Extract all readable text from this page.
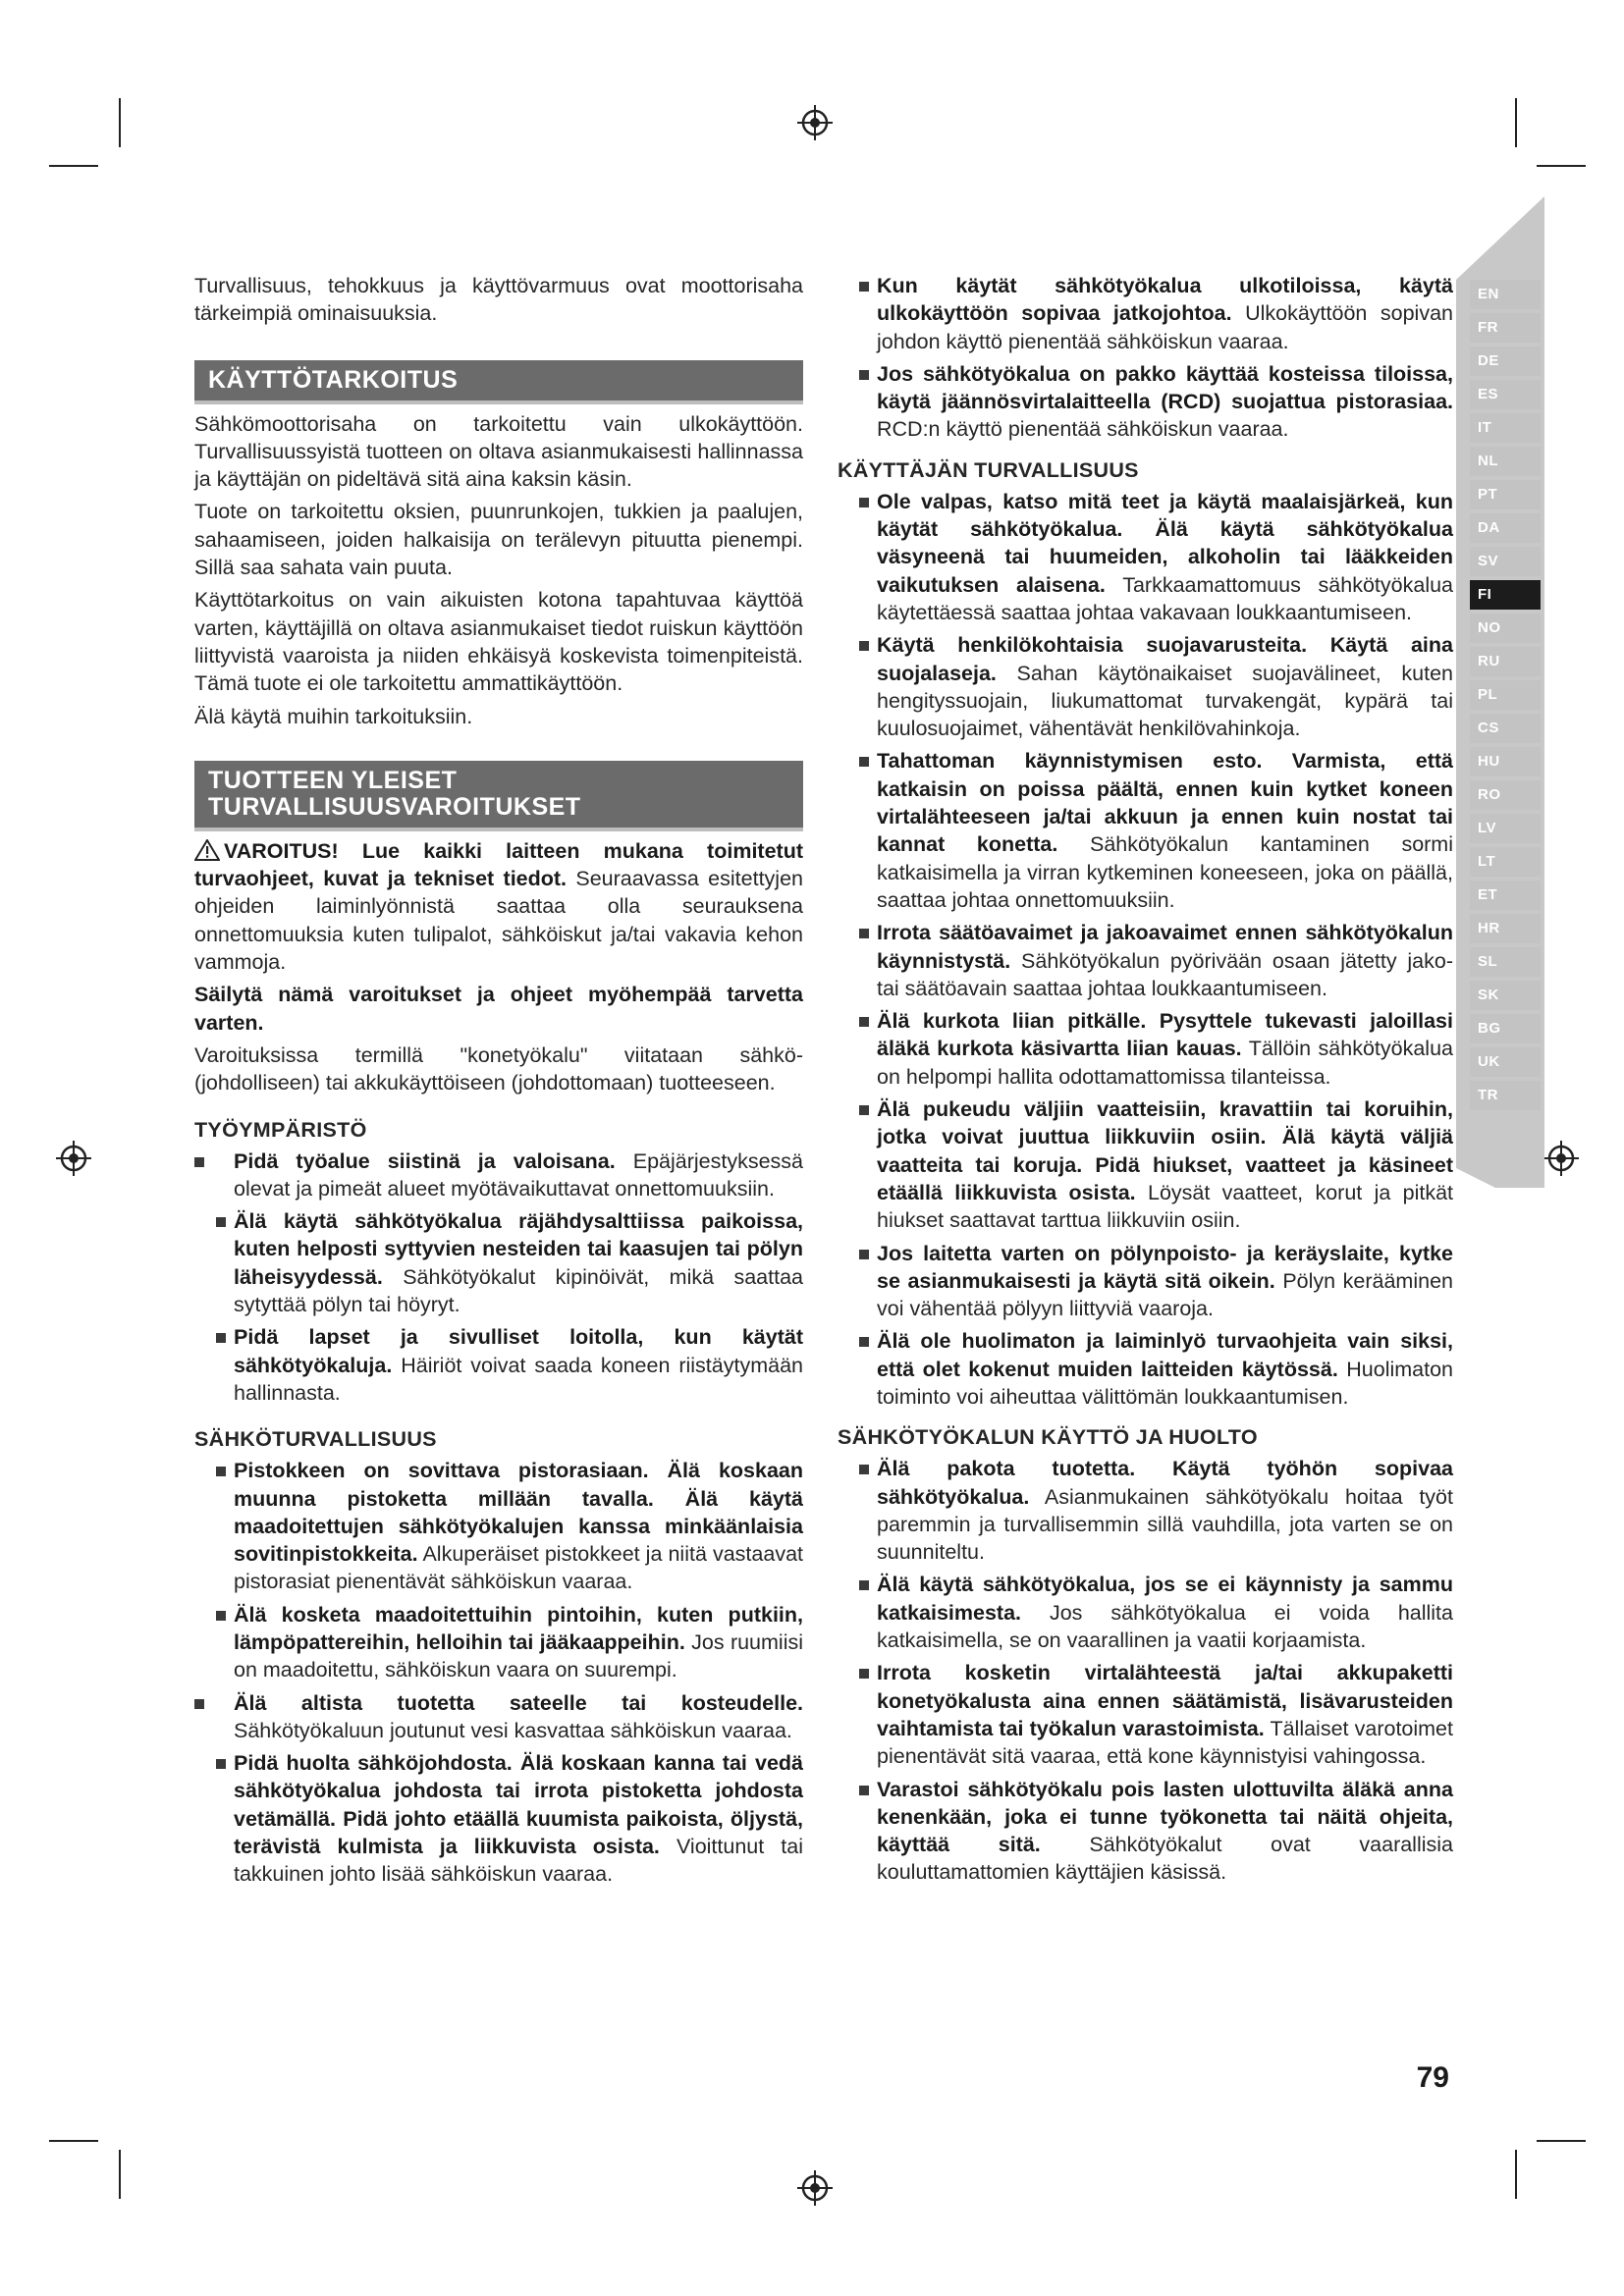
EN
FR
DE
ES
IT
NL
PT
DA
SV
FI
NO
RU
PL
CS
HU
RO
LV
LT
ET
HR
SL
SK
BG
UK
TR

Turvallisuus, tehokkuus ja käyttövarmuus ovat moottorisaha tärkeimpiä ominaisuuksia.

KÄYTTÖTARKOITUS

Sähkömoottorisaha on tarkoitettu vain ulkokäyttöön. Turvallisuussyistä tuotteen on oltava asianmukaisesti hallinnassa ja käyttäjän on pideltävä sitä aina kaksin käsin.

Tuote on tarkoitettu oksien, puunrunkojen, tukkien ja paalujen, sahaamiseen, joiden halkaisija on terälevyn pituutta pienempi. Sillä saa sahata vain puuta.

Käyttötarkoitus on vain aikuisten kotona tapahtuvaa käyttöä varten, käyttäjillä on oltava asianmukaiset tiedot ruiskun käyttöön liittyvistä vaaroista ja niiden ehkäisyä koskevista toimenpiteistä. Tämä tuote ei ole tarkoitettu ammattikäyttöön.

Älä käytä muihin tarkoituksiin.

TUOTTEEN YLEISET
TURVALLISUUSVAROITUKSET

VAROITUS! Lue kaikki laitteen mukana toimitetut turvaohjeet, kuvat ja tekniset tiedot. Seuraavassa esitettyjen ohjeiden laiminlyönnistä saattaa olla seurauksena onnettomuuksia kuten tulipalot, sähköiskut ja/tai vakavia kehon vammoja.

Säilytä nämä varoitukset ja ohjeet myöhempää tarvetta varten.

Varoituksissa termillä "konetyökalu" viitataan sähkö- (johdolliseen) tai akkukäyttöiseen (johdottomaan) tuotteeseen.

TYÖYMPÄRISTÖ

Pidä työalue siistinä ja valoisana. Epäjärjestyksessä olevat ja pimeät alueet myötävaikuttavat onnettomuuksiin.

Älä käytä sähkötyökalua räjähdysalttiissa paikoissa, kuten helposti syttyvien nesteiden tai kaasujen tai pölyn läheisyydessä. Sähkötyökalut kipinöivät, mikä saattaa sytyttää pölyn tai höyryt.

Pidä lapset ja sivulliset loitolla, kun käytät sähkötyökaluja. Häiriöt voivat saada koneen riistäytymään hallinnasta.

SÄHKÖTURVALLISUUS

Pistokkeen on sovittava pistorasiaan. Älä koskaan muunna pistoketta millään tavalla. Älä käytä maadoitettujen sähkötyökalujen kanssa minkäänlaisia sovitinpistokkeita. Alkuperäiset pistokkeet ja niitä vastaavat pistorasiat pienentävät sähköiskun vaaraa.

Älä kosketa maadoitettuihin pintoihin, kuten putkiin, lämpöpattereihin, helloihin tai jääkaappeihin. Jos ruumiisi on maadoitettu, sähköiskun vaara on suurempi.

Älä altista tuotetta sateelle tai kosteudelle. Sähkötyökaluun joutunut vesi kasvattaa sähköiskun vaaraa.

Pidä huolta sähköjohdosta. Älä koskaan kanna tai vedä sähkötyökalua johdosta tai irrota pistoketta johdosta vetämällä. Pidä johto etäällä kuumista paikoista, öljystä, terävistä kulmista ja liikkuvista osista. Vioittunut tai takkuinen johto lisää sähköiskun vaaraa.

Kun käytät sähkötyökalua ulkotiloissa, käytä ulkokäyttöön sopivaa jatkojohtoa. Ulkokäyttöön sopivan johdon käyttö pienentää sähköiskun vaaraa.

Jos sähkötyökalua on pakko käyttää kosteissa tiloissa, käytä jäännösvirtalaitteella (RCD) suojattua pistorasiaa. RCD:n käyttö pienentää sähköiskun vaaraa.

KÄYTTÄJÄN TURVALLISUUS

Ole valpas, katso mitä teet ja käytä maalaisjärkeä, kun käytät sähkötyökalua. Älä käytä sähkötyökalua väsyneenä tai huumeiden, alkoholin tai lääkkeiden vaikutuksen alaisena. Tarkkaamattomuus sähkötyökalua käytettäessä saattaa johtaa vakavaan loukkaantumiseen.

Käytä henkilökohtaisia suojavarusteita. Käytä aina suojalaseja. Sahan käytönaikaiset suojavälineet, kuten hengityssuojain, liukumattomat turvakengät, kypärä tai kuulosuojaimet, vähentävät henkilövahinkoja.

Tahattoman käynnistymisen esto. Varmista, että katkaisin on poissa päältä, ennen kuin kytket koneen virtalähteeseen ja/tai akkuun ja ennen kuin nostat tai kannat konetta. Sähkötyökalun kantaminen sormi katkaisimella ja virran kytkeminen koneeseen, joka on päällä, saattaa johtaa onnettomuuksiin.

Irrota säätöavaimet ja jakoavaimet ennen sähkötyökalun käynnistystä. Sähkötyökalun pyörivään osaan jätetty jako- tai säätöavain saattaa johtaa loukkaantumiseen.

Älä kurkota liian pitkälle. Pysyttele tukevasti jaloillasi äläkä kurkota käsivartta liian kauas. Tällöin sähkötyökalua on helpompi hallita odottamattomissa tilanteissa.

Älä pukeudu väljiin vaatteisiin, kravattiin tai koruihin, jotka voivat juuttua liikkuviin osiin. Älä käytä väljiä vaatteita tai koruja. Pidä hiukset, vaatteet ja käsineet etäällä liikkuvista osista. Löysät vaatteet, korut ja pitkät hiukset saattavat tarttua liikkuviin osiin.

Jos laitetta varten on pölynpoisto- ja keräyslaite, kytke se asianmukaisesti ja käytä sitä oikein. Pölyn kerääminen voi vähentää pölyyn liittyviä vaaroja.

Älä ole huolimaton ja laiminlyö turvaohjeita vain siksi, että olet kokenut muiden laitteiden käytössä. Huolimaton toiminto voi aiheuttaa välittömän loukkaantumisen.

SÄHKÖTYÖKALUN KÄYTTÖ JA HUOLTO

Älä pakota tuotetta. Käytä työhön sopivaa sähkötyökalua. Asianmukainen sähkötyökalu hoitaa työt paremmin ja turvallisemmin sillä vauhdilla, jota varten se on suunniteltu.

Älä käytä sähkötyökalua, jos se ei käynnisty ja sammu katkaisimesta. Jos sähkötyökalua ei voida hallita katkaisimella, se on vaarallinen ja vaatii korjaamista.

Irrota kosketin virtalähteestä ja/tai akkupaketti konetyökalusta aina ennen säätämistä, lisävarusteiden vaihtamista tai työkalun varastoimista. Tällaiset varotoimet pienentävät sitä vaaraa, että kone käynnistyisi vahingossa.

Varastoi sähkötyökalu pois lasten ulottuvilta äläkä anna kenenkään, joka ei tunne työkonetta tai näitä ohjeita, käyttää sitä. Sähkötyökalut ovat vaarallisia kouluttamattomien käyttäjien käsissä.

79
